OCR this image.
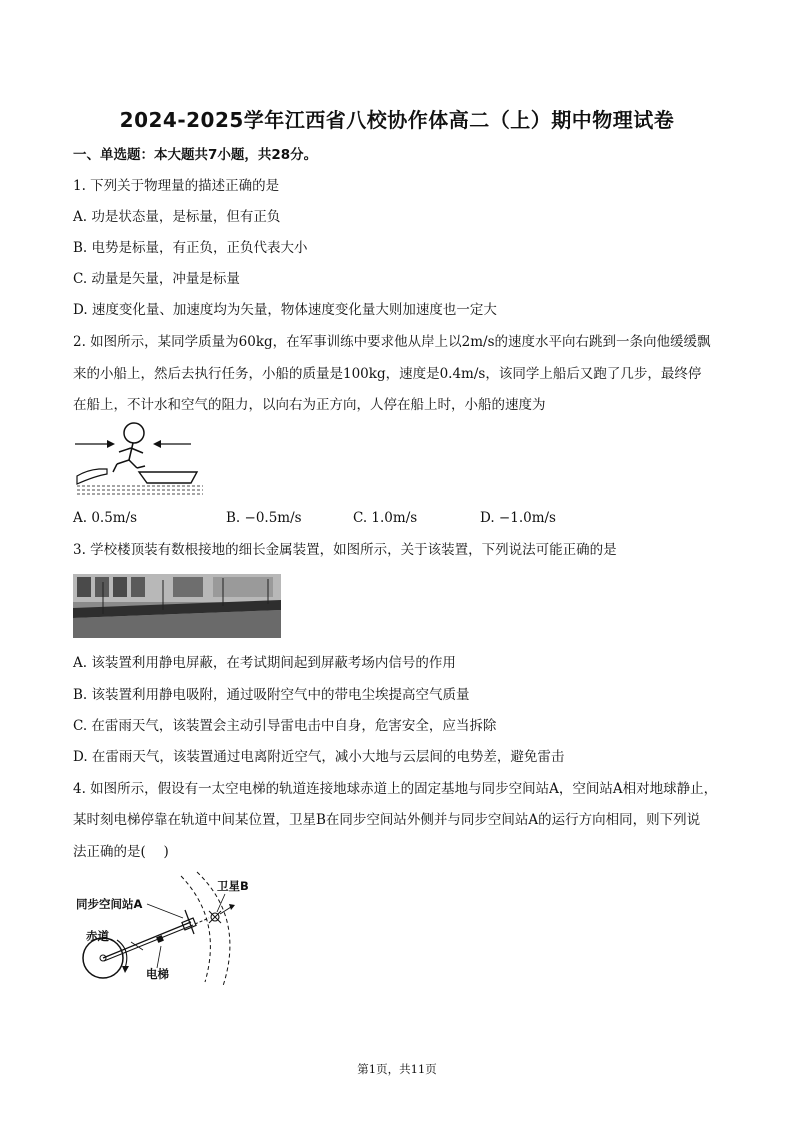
2024-2025学年江西省八校协作体高二（上）期中物理试卷
一、单选题：本大题共7小题，共28分。
1. 下列关于物理量的描述正确的是
A. 功是状态量，是标量，但有正负
B. 电势是标量，有正负，正负代表大小
C. 动量是矢量，冲量是标量
D. 速度变化量、加速度均为矢量，物体速度变化量大则加速度也一定大
2. 如图所示，某同学质量为60kg，在军事训练中要求他从岸上以2m/s的速度水平向右跳到一条向他缓缓飘
来的小船上，然后去执行任务，小船的质量是100kg，速度是0.4m/s，该同学上船后又跑了几步，最终停
在船上，不计水和空气的阻力，以向右为正方向，人停在船上时，小船的速度为
A. 0.5m/s	B. −0.5m/s	C. 1.0m/s	D. −1.0m/s
3. 学校楼顶装有数根接地的细长金属装置，如图所示，关于该装置，下列说法可能正确的是
A. 该装置利用静电屏蔽，在考试期间起到屏蔽考场内信号的作用
B. 该装置利用静电吸附，通过吸附空气中的带电尘埃提高空气质量
C. 在雷雨天气，该装置会主动引导雷电击中自身，危害安全，应当拆除
D. 在雷雨天气，该装置通过电离附近空气，减小大地与云层间的电势差，避免雷击
4. 如图所示，假设有一太空电梯的轨道连接地球赤道上的固定基地与同步空间站A，空间站A相对地球静止，
某时刻电梯停靠在轨道中间某位置，卫星B在同步空间站外侧并与同步空间站A的运行方向相同，则下列说
法正确的是(　 )
同步空间站A
卫星B
赤道
电梯
第1页，共11页
